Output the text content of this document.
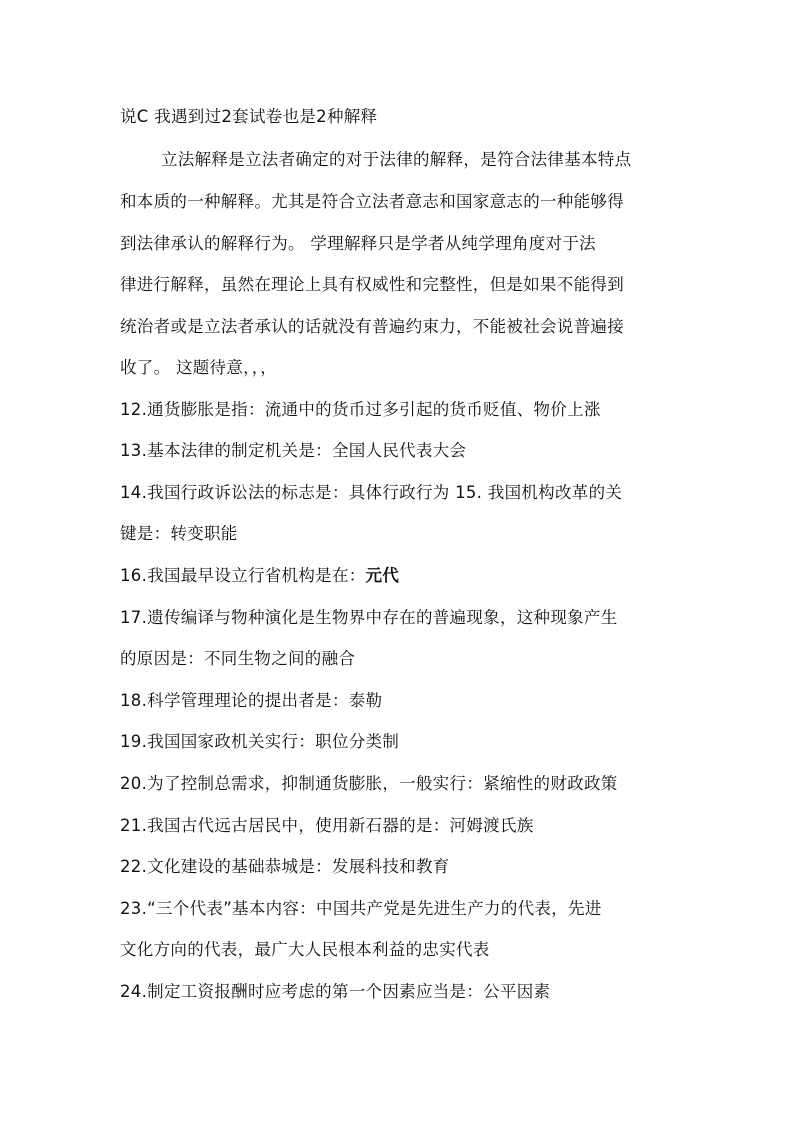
说C 我遇到过2套试卷也是2种解释
立法解释是立法者确定的对于法律的解释，是符合法律基本特点
和本质的一种解释。尤其是符合立法者意志和国家意志的一种能够得
到法律承认的解释行为。 学理解释只是学者从纯学理角度对于法
律进行解释，虽然在理论上具有权威性和完整性，但是如果不能得到
统治者或是立法者承认的话就没有普遍约束力，不能被社会说普遍接
收了。 这题待意，，，
12.通货膨胀是指：流通中的货币过多引起的货币贬值、物价上涨
13.基本法律的制定机关是：全国人民代表大会
14.我国行政诉讼法的标志是：具体行政行为 15. 我国机构改革的关
键是：转变职能
16.我国最早设立行省机构是在：元代
17.遗传编译与物种演化是生物界中存在的普遍现象，这种现象产生
的原因是：不同生物之间的融合
18.科学管理理论的提出者是：泰勒
19.我国国家政机关实行：职位分类制
20.为了控制总需求，抑制通货膨胀，一般实行：紧缩性的财政政策
21.我国古代远古居民中，使用新石器的是：河姆渡氏族
22.文化建设的基础恭城是：发展科技和教育
23.“三个代表”基本内容：中国共产党是先进生产力的代表，先进
文化方向的代表，最广大人民根本利益的忠实代表
24.制定工资报酬时应考虑的第一个因素应当是：公平因素
